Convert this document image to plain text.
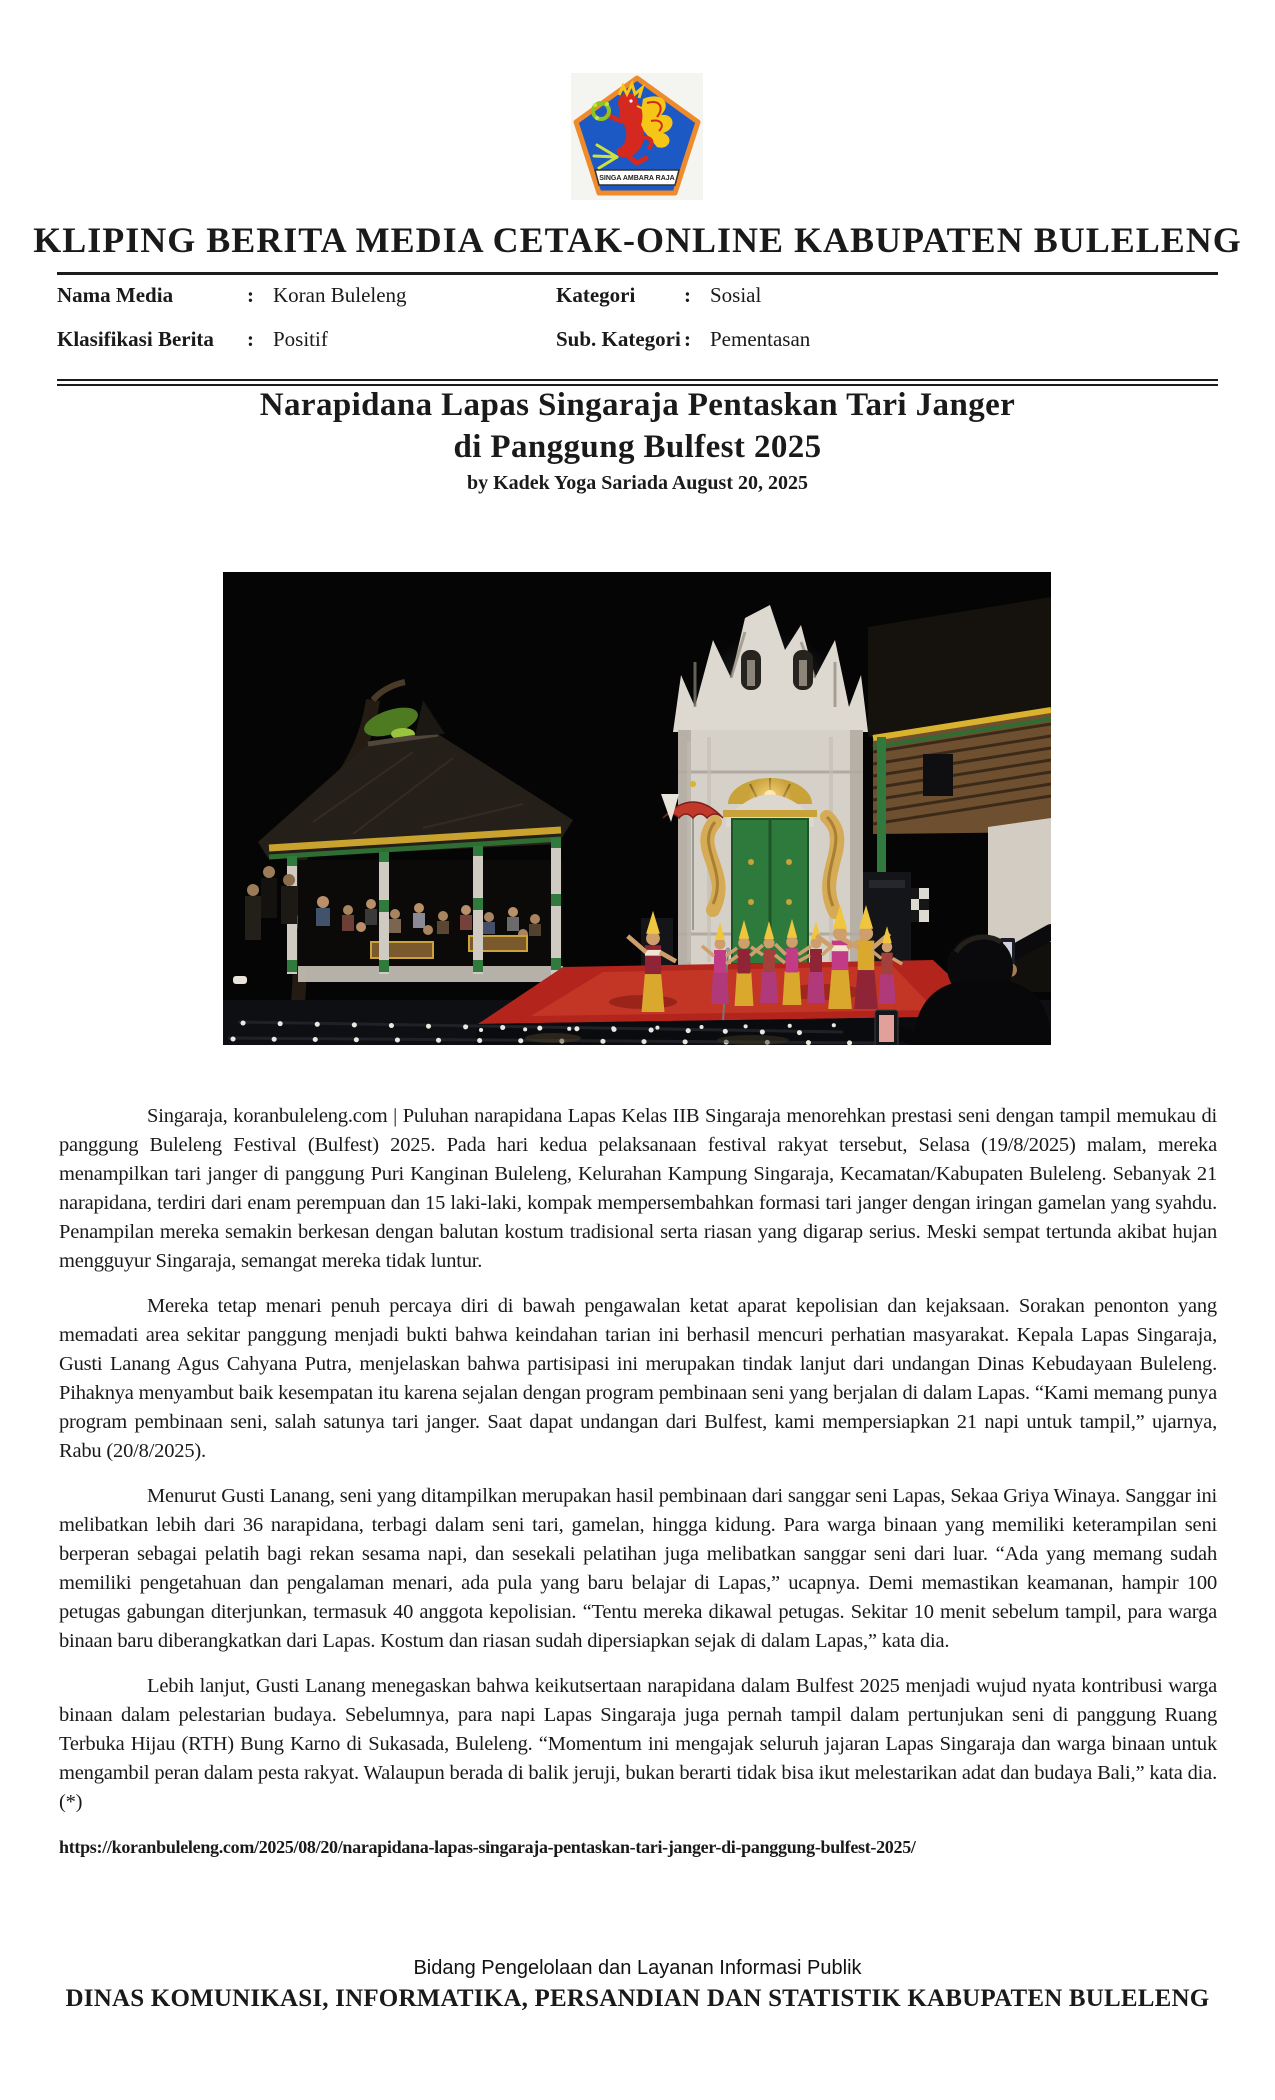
SINGA AMBARA RAJA
KLIPING BERITA MEDIA CETAK-ONLINE KABUPATEN BULELENG
Nama Media	: Koran Buleleng	Kategori	: Sosial
Klasifikasi Berita	: Positif	Sub. Kategori : Pementasan
Narapidana Lapas Singaraja Pentaskan Tari Janger
di Panggung Bulfest 2025
by Kadek Yoga Sariada August 20, 2025

Singaraja, koranbuleleng.com | Puluhan narapidana Lapas Kelas IIB Singaraja menorehkan prestasi seni dengan tampil memukau di panggung Buleleng Festival (Bulfest) 2025. Pada hari kedua pelaksanaan festival rakyat tersebut, Selasa (19/8/2025) malam, mereka menampilkan tari janger di panggung Puri Kanginan Buleleng, Kelurahan Kampung Singaraja, Kecamatan/Kabupaten Buleleng. Sebanyak 21 narapidana, terdiri dari enam perempuan dan 15 laki-laki, kompak mempersembahkan formasi tari janger dengan iringan gamelan yang syahdu. Penampilan mereka semakin berkesan dengan balutan kostum tradisional serta riasan yang digarap serius. Meski sempat tertunda akibat hujan mengguyur Singaraja, semangat mereka tidak luntur.

Mereka tetap menari penuh percaya diri di bawah pengawalan ketat aparat kepolisian dan kejaksaan. Sorakan penonton yang memadati area sekitar panggung menjadi bukti bahwa keindahan tarian ini berhasil mencuri perhatian masyarakat. Kepala Lapas Singaraja, Gusti Lanang Agus Cahyana Putra, menjelaskan bahwa partisipasi ini merupakan tindak lanjut dari undangan Dinas Kebudayaan Buleleng. Pihaknya menyambut baik kesempatan itu karena sejalan dengan program pembinaan seni yang berjalan di dalam Lapas. “Kami memang punya program pembinaan seni, salah satunya tari janger. Saat dapat undangan dari Bulfest, kami mempersiapkan 21 napi untuk tampil,” ujarnya, Rabu (20/8/2025).

Menurut Gusti Lanang, seni yang ditampilkan merupakan hasil pembinaan dari sanggar seni Lapas, Sekaa Griya Winaya. Sanggar ini melibatkan lebih dari 36 narapidana, terbagi dalam seni tari, gamelan, hingga kidung. Para warga binaan yang memiliki keterampilan seni berperan sebagai pelatih bagi rekan sesama napi, dan sesekali pelatihan juga melibatkan sanggar seni dari luar. “Ada yang memang sudah memiliki pengetahuan dan pengalaman menari, ada pula yang baru belajar di Lapas,” ucapnya. Demi memastikan keamanan, hampir 100 petugas gabungan diterjunkan, termasuk 40 anggota kepolisian. “Tentu mereka dikawal petugas. Sekitar 10 menit sebelum tampil, para warga binaan baru diberangkatkan dari Lapas. Kostum dan riasan sudah dipersiapkan sejak di dalam Lapas,” kata dia.

Lebih lanjut, Gusti Lanang menegaskan bahwa keikutsertaan narapidana dalam Bulfest 2025 menjadi wujud nyata kontribusi warga binaan dalam pelestarian budaya. Sebelumnya, para napi Lapas Singaraja juga pernah tampil dalam pertunjukan seni di panggung Ruang Terbuka Hijau (RTH) Bung Karno di Sukasada, Buleleng. “Momentum ini mengajak seluruh jajaran Lapas Singaraja dan warga binaan untuk mengambil peran dalam pesta rakyat. Walaupun berada di balik jeruji, bukan berarti tidak bisa ikut melestarikan adat dan budaya Bali,” kata dia.(*)

https://koranbuleleng.com/2025/08/20/narapidana-lapas-singaraja-pentaskan-tari-janger-di-panggung-bulfest-2025/
Bidang Pengelolaan dan Layanan Informasi Publik
DINAS KOMUNIKASI, INFORMATIKA, PERSANDIAN DAN STATISTIK KABUPATEN BULELENG
